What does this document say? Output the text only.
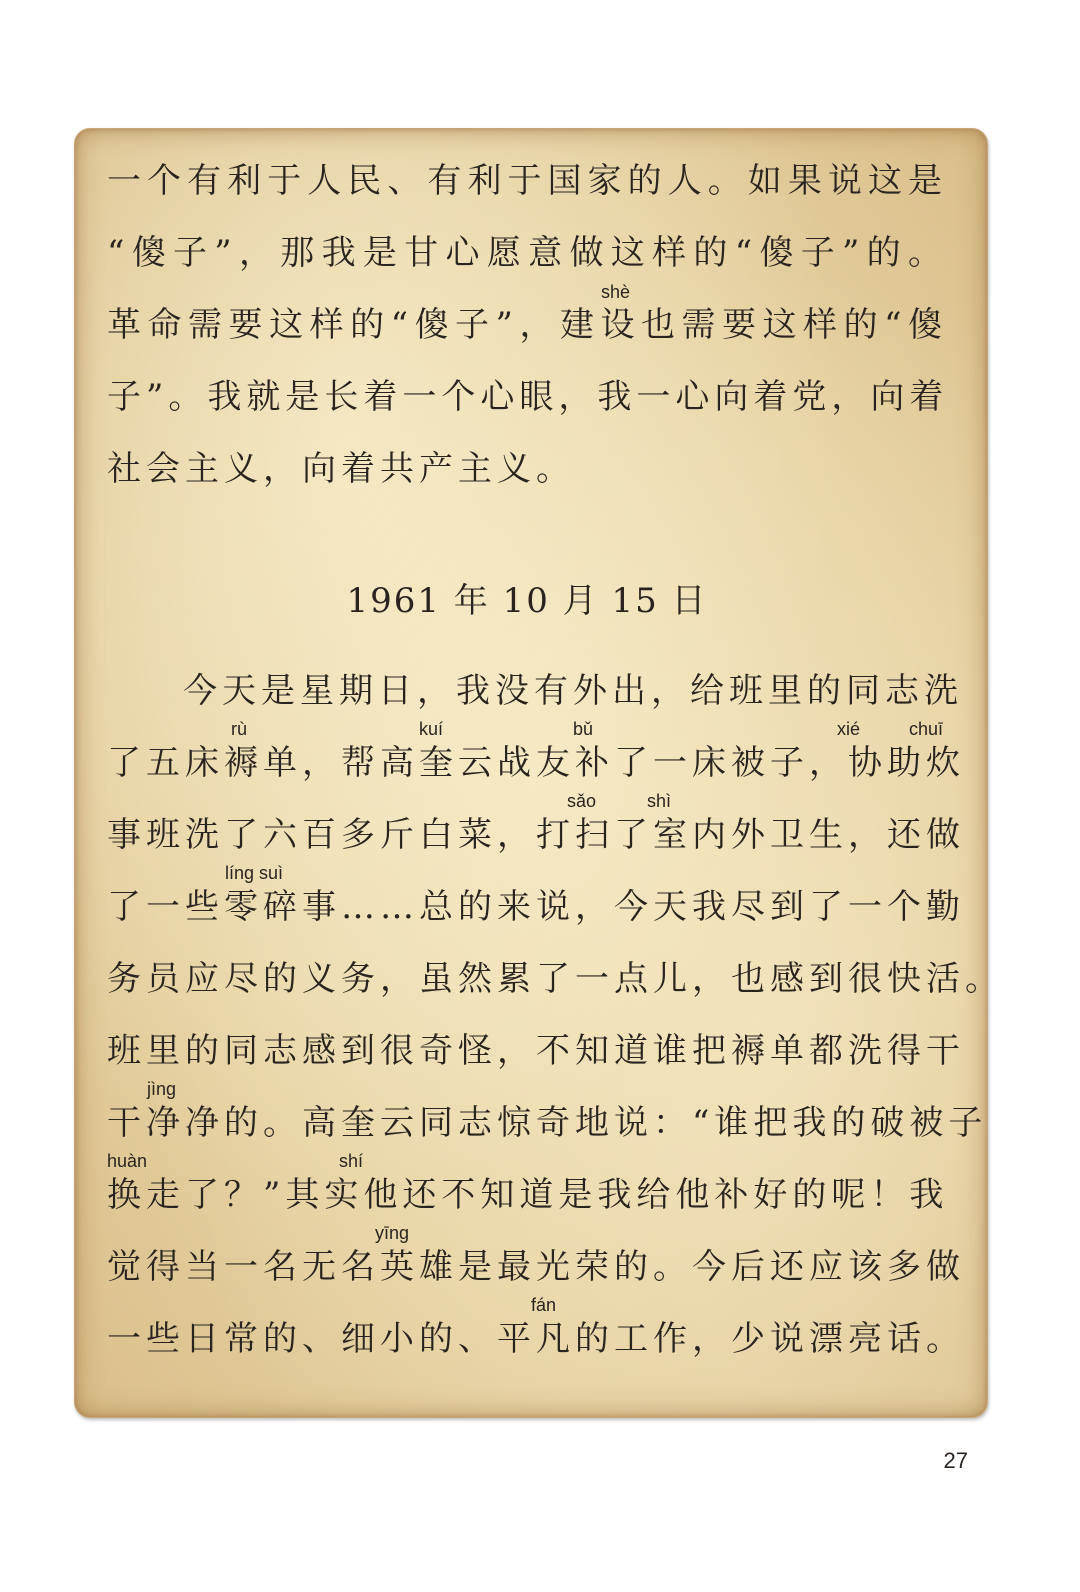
一个有利于人民、有利于国家的人。如果说这是
“傻子”，那我是甘心愿意做这样的“傻子”的。
shè
革命需要这样的“傻子”，建设也需要这样的“傻
子”。我就是长着一个心眼，我一心向着党，向着
社会主义，向着共产主义。
1961 年 10 月 15 日
今天是星期日，我没有外出，给班里的同志洗
rù	kuí	bǔ	xié	chuī
了五床褥单，帮高奎云战友补了一床被子，协助炊
sǎo	shì
事班洗了六百多斤白菜，打扫了室内外卫生，还做
líng suì
了一些零碎事……总的来说，今天我尽到了一个勤
务员应尽的义务，虽然累了一点儿，也感到很快活。
班里的同志感到很奇怪，不知道谁把褥单都洗得干
jìng
干净净的。高奎云同志惊奇地说：“谁把我的破被子
huàn	shí
换走了？”其实他还不知道是我给他补好的呢！我
yīng
觉得当一名无名英雄是最光荣的。今后还应该多做
fán
一些日常的、细小的、平凡的工作，少说漂亮话。
27
